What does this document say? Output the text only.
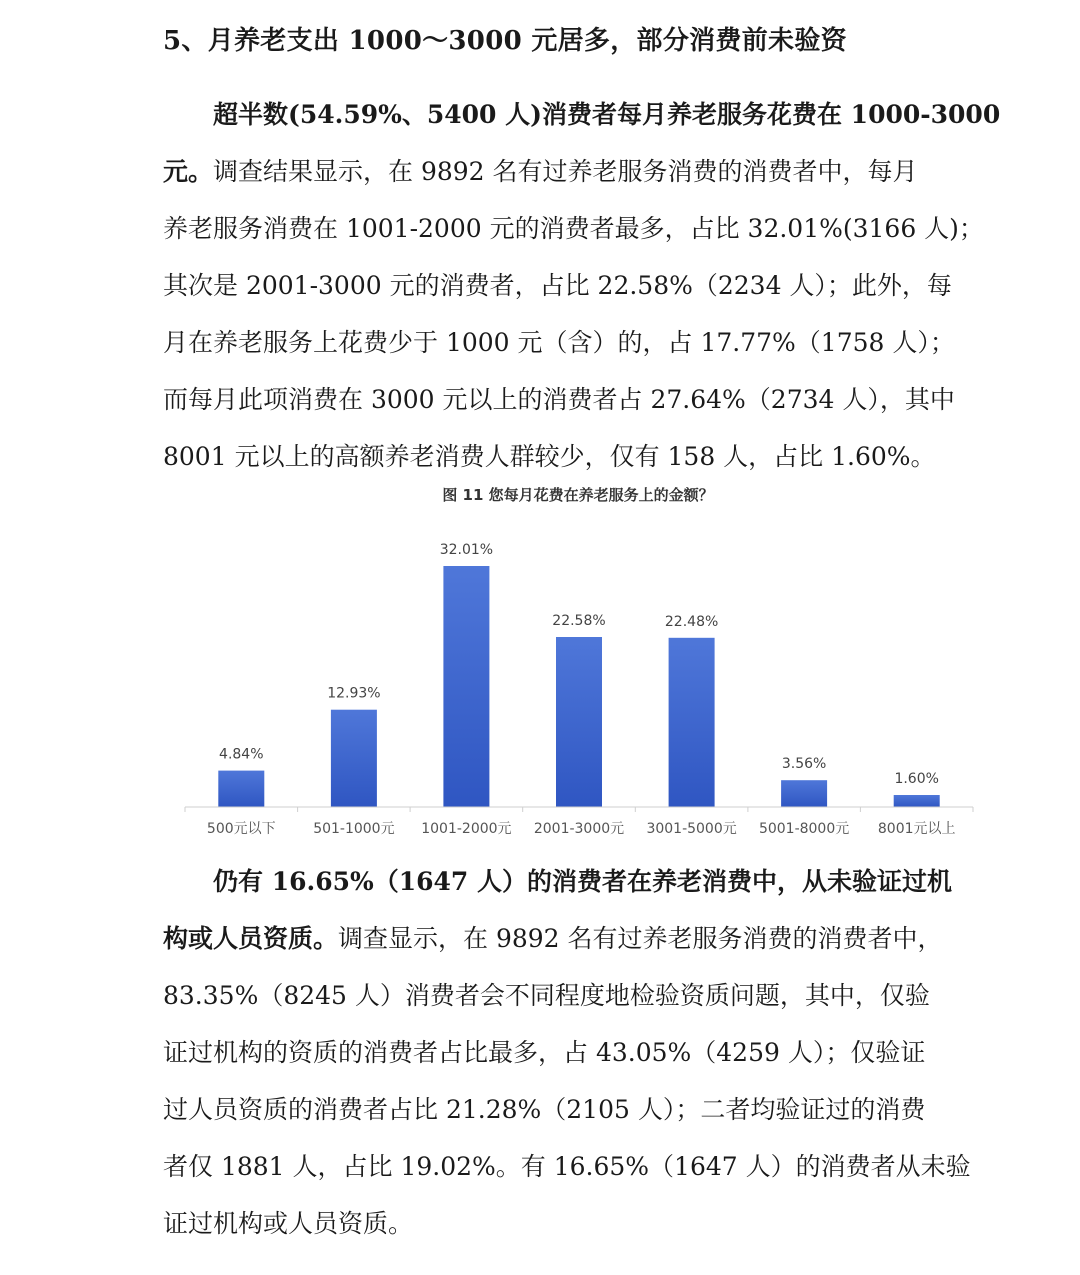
5、月养老支出 1000～3000 元居多，部分消费前未验资
超半数(54.59%、5400 人)消费者每月养老服务花费在 1000-3000
元。调查结果显示，在 9892 名有过养老服务消费的消费者中，每月
养老服务消费在 1001-2000 元的消费者最多，占比 32.01%(3166 人)；
其次是 2001-3000 元的消费者，占比 22.58%（2234 人）；此外，每
月在养老服务上花费少于 1000 元（含）的，占 17.77%（1758 人）；
而每月此项消费在 3000 元以上的消费者占 27.64%（2734 人），其中
8001 元以上的高额养老消费人群较少，仅有 158 人，占比 1.60%。
图 11 您每月花费在养老服务上的金额？
500元以下	501-1000元 1001-2000元 2001-3000元 3001-5000元 5001-8000元 8001元以上
4.84%
12.93%
32.01%
22.58%	22.48%
3.56%
1.60%
仍有 16.65%（1647 人）的消费者在养老消费中，从未验证过机
构或人员资质。调查显示，在 9892 名有过养老服务消费的消费者中，
83.35%（8245 人）消费者会不同程度地检验资质问题，其中，仅验
证过机构的资质的消费者占比最多，占 43.05%（4259 人）；仅验证
过人员资质的消费者占比 21.28%（2105 人）；二者均验证过的消费
者仅 1881 人，占比 19.02%。有 16.65%（1647 人）的消费者从未验
证过机构或人员资质。
